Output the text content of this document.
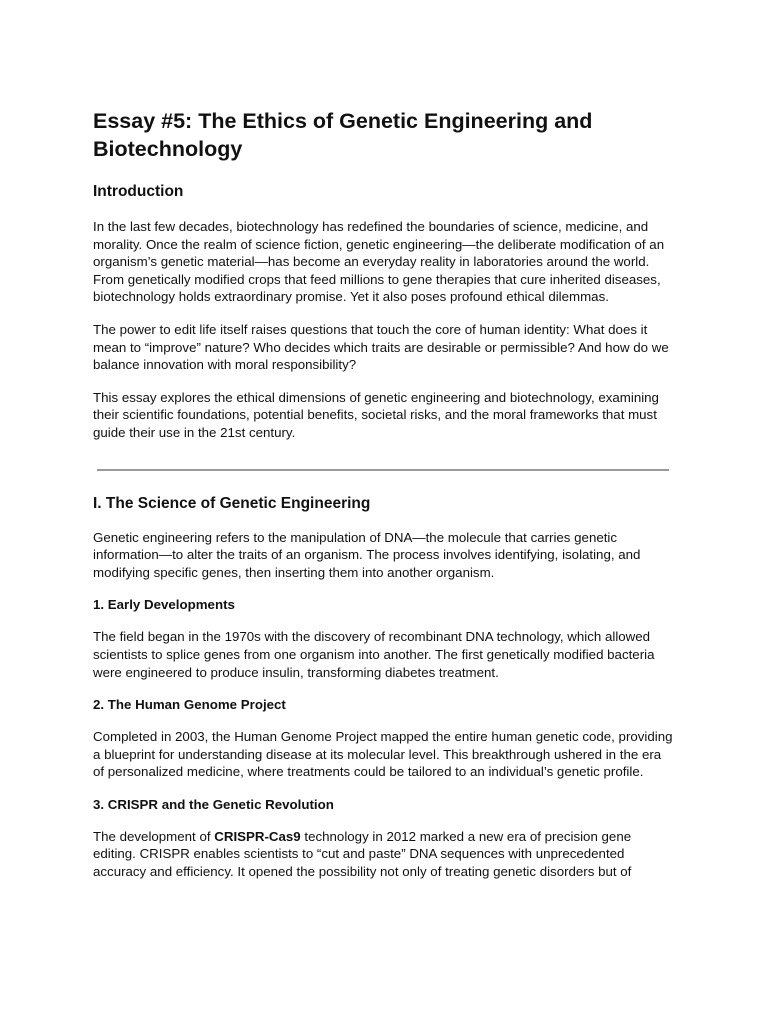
Essay #5: The Ethics of Genetic Engineering and Biotechnology
Introduction

In the last few decades, biotechnology has redefined the boundaries of science, medicine, and morality. Once the realm of science fiction, genetic engineering—the deliberate modification of an organism’s genetic material—has become an everyday reality in laboratories around the world. From genetically modified crops that feed millions to gene therapies that cure inherited diseases, biotechnology holds extraordinary promise. Yet it also poses profound ethical dilemmas.

The power to edit life itself raises questions that touch the core of human identity: What does it mean to “improve” nature? Who decides which traits are desirable or permissible? And how do we balance innovation with moral responsibility?

This essay explores the ethical dimensions of genetic engineering and biotechnology, examining their scientific foundations, potential benefits, societal risks, and the moral frameworks that must guide their use in the 21st century.

I. The Science of Genetic Engineering

Genetic engineering refers to the manipulation of DNA—the molecule that carries genetic information—to alter the traits of an organism. The process involves identifying, isolating, and modifying specific genes, then inserting them into another organism.

1. Early Developments

The field began in the 1970s with the discovery of recombinant DNA technology, which allowed scientists to splice genes from one organism into another. The first genetically modified bacteria were engineered to produce insulin, transforming diabetes treatment.

2. The Human Genome Project

Completed in 2003, the Human Genome Project mapped the entire human genetic code, providing a blueprint for understanding disease at its molecular level. This breakthrough ushered in the era of personalized medicine, where treatments could be tailored to an individual’s genetic profile.

3. CRISPR and the Genetic Revolution

The development of CRISPR-Cas9 technology in 2012 marked a new era of precision gene editing. CRISPR enables scientists to “cut and paste” DNA sequences with unprecedented accuracy and efficiency. It opened the possibility not only of treating genetic disorders but of
